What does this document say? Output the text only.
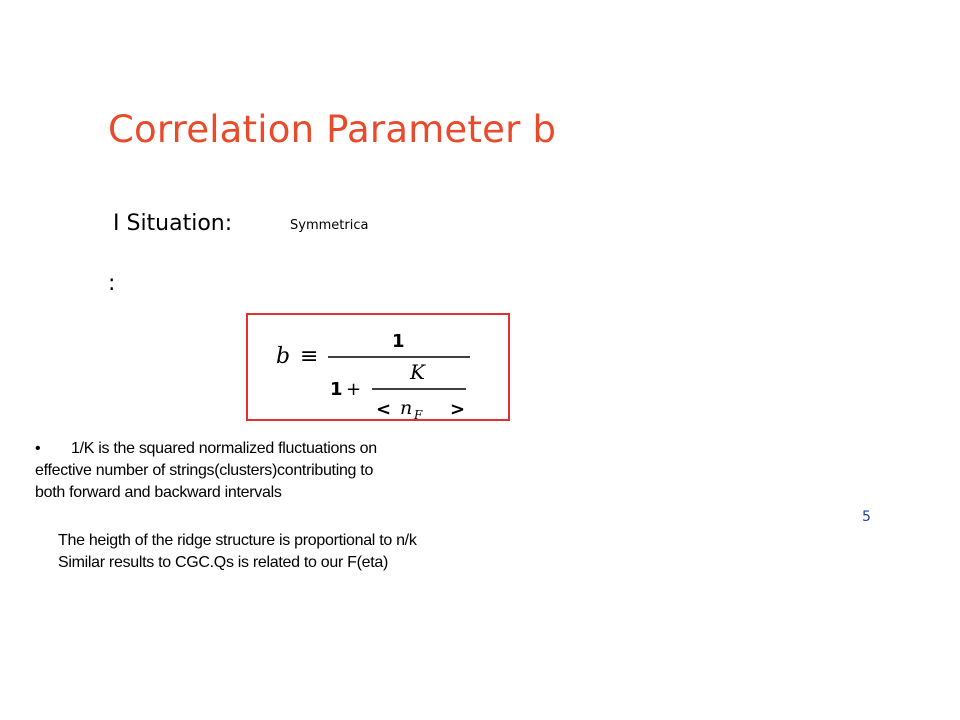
Correlation Parameter b
I Situation:	Symmetrica
:
b ≡
1
1 +
K
< n F >
• 1/K is the squared normalized fluctuations on
effective number of strings(clusters)contributing to
both forward and backward intervals
The heigth of the ridge structure is proportional to n/k
Similar results to CGC.Qs is related to our F(eta)
5
